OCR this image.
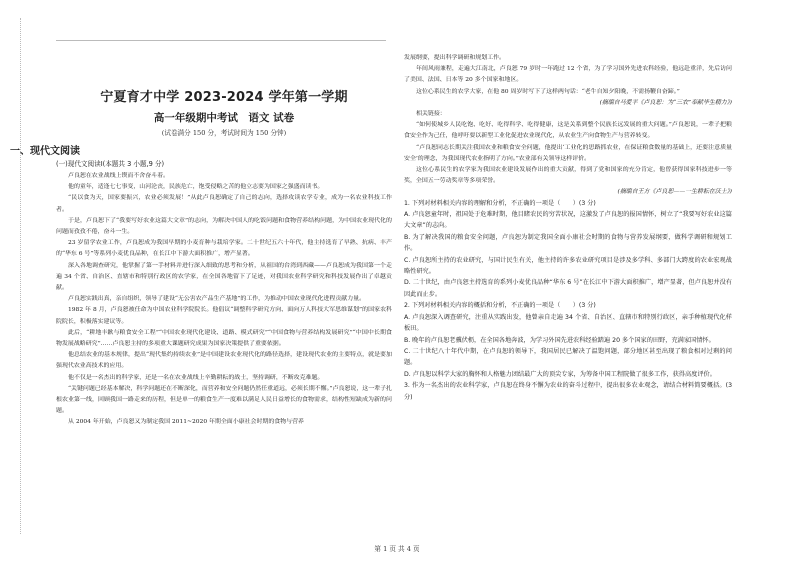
宁夏育才中学 2023-2024 学年第一学期
高一年级期中考试　语文 试卷
(试卷满分 150 分，考试时间为 150 分钟)
一、现代文阅读

(一)现代文阅读Ⅰ(本题共 3 小题,9 分)

卢良恕在农业战线上锲而不舍奋斗着。

他的童年，适逢七七事变，山河沦丧，民族危亡，饱受侵略之苦的他立志要为国家之强盛而读书。

“民以食为天，国家要振兴，农业必须发展！”从此卢良恕确定了自己的志向，选择攻读农学专业，成为一名农业科技工作者。

于是，卢良恕下了“我要写好农业这篇大文章”的志向，为解决中国人的吃饭问题和食物营养结构问题，为中国农业现代化的问题而孜孜不倦，奋斗一生。

23 岁留学农业工作，卢良恕成为我国早期的小麦育种与栽培学家。二十世纪五六十年代，他主持选育了早熟、抗病、丰产的“华东 6 号”等系列小麦优良品种，在长江中下游大面积推广，增产显著。

深入各地调查研究，他掌握了第一手材料并进行深入细致的思考和分析，从祖国的台湾到西藏——卢良恕成为我国第一个走遍 34 个省、自治区、直辖市和特别行政区的农学家，在全国各地留下了足迹，对我国农业科学研究和科技发展作出了卓越贡献。

卢良恕实践出真，亲自组织，领导了建设“无公害农产品生产基地”的工作，为推动中国农业现代化进程贡献力量。

1982 年 8 月，卢良恕被任命为中国农业科学院院长。他倡议“调整科学研究方向、面向万人科技大军思维谋划”的国家农科院院长，积极落实建议等。

此后，“耕地丰歉与粮食安全工程”“中国农业现代化建设、道路、模式研究”“中国食物与营养结构发展研究”“中国中长期食物发展战略研究”……卢良恕主持的多项重大课题研究成果为国家决策提供了重要依据。

他总结农业的基本规律，提出“现代集约持续农业”是中国建设农业现代化的路径选择，建设现代农业的主要特点，就是要加强现代农业高技术的应用。

他不仅是一名杰出的科学家，还是一名在农业战线上辛勤耕耘的战士，坚持调研，不断攻克难题。

“关键问题已经基本解决，科学问题还在不断深化，而营养和安全问题仍然任重道远，必须长期不懈。”卢良恕说，这一辈子扎根农业第一线，回顾我国一路走来的历程，但是单一的粮食生产一度难以满足人民日益增长的食物需求，结构性短缺成为新的问题。

从 2004 年开始，卢良恕又为制定我国 2011~2020 年期全面小康社会时期的食物与营养

发展纲要，提出科学调研和规划工作。

年间风雨兼程，走遍大江南北，卢良恕 79 岁时一年跑过 12 个省，为了学习国外先进农科经验，他远赴重洋，先后访问了美国、法国、日本等 20 多个国家和地区。

这位心系民生的农学大家，在他 80 周岁时写下了这样两句话：“老牛自知夕阳晚，不需扬鞭自奋蹄。”

(摘编自马爱平《卢良恕：为“三农”奉献毕生精力》)

相关链接：

“如何使城乡人民吃饱、吃好、吃得科学、吃得健康，这是关系到整个民族长远发展的重大问题。”卢良恕说，一辈子把粮食安全作为己任，他呼吁要以新型工业化促进农业现代化，从农业生产向食物生产与营养转变。

“卢良恕同志长期关注我国农业和粮食安全问题，他提出‘工业化的思路抓农业，在保证粮食数量的基础上，还要注意质量安全’的理念，为我国现代农业指明了方向。”农业部有关领导这样评价。

这位心系民生的农学家为我国农业建设发展作出的重大贡献，得到了党和国家的充分肯定，他曾获得国家科技进步一等奖，全国五一劳动奖章等多项荣誉。

(摘编自王方《卢良恕——一生耕耘在沃土》)

1. 下列对材料相关内容的理解和分析，不正确的一项是（　　）(3 分)

A. 卢良恕童年时，祖国处于危难时期，他目睹农民的穷苦状况，这激发了卢良恕的报国情怀，树立了“我要写好农业这篇大文章”的志向。

B. 为了解决我国的粮食安全问题，卢良恕为制定我国全面小康社会时期的食物与营养发展纲要，做科学调研和规划工作。

C. 卢良恕所主持的农业研究，与国计民生有关，他主持的许多农业研究项目是涉及多学科、多部门大跨度的农业宏观战略性研究。

D. 二十世纪，由卢良恕主持选育的系列小麦优良品种“华东 6 号”在长江中下游大面积推广，增产显著，但卢良恕并没有因此而止步。

2. 下列对材料相关内容的概括和分析，不正确的一项是（　　）(3 分)

A. 卢良恕深入调查研究，注重从实践出发，他曾亲自走遍 34 个省、自治区、直辖市和特别行政区，亲手种植现代化样板田。

B. 晚年的卢良恕老骥伏枥，在全国各地奔波，为学习外国先进农科经验踏遍 20 多个国家的田野，充满家国情怀。

C. 二十世纪八十年代中期，在卢良恕的领导下，我国居民已解决了温饱问题，部分地区甚至出现了粮食相对过剩的问题。

D. 卢良恕以科学大家的胸怀和人格魅力团结最广大的顶尖专家，为筹备中国工程院做了很多工作，获得高度评价。

3. 作为一名杰出的农业科学家，卢良恕在终身不懈为农业的奋斗过程中，提出很多农业观念，请结合材料简要概括。(3 分)

第 1 页 共 4 页
